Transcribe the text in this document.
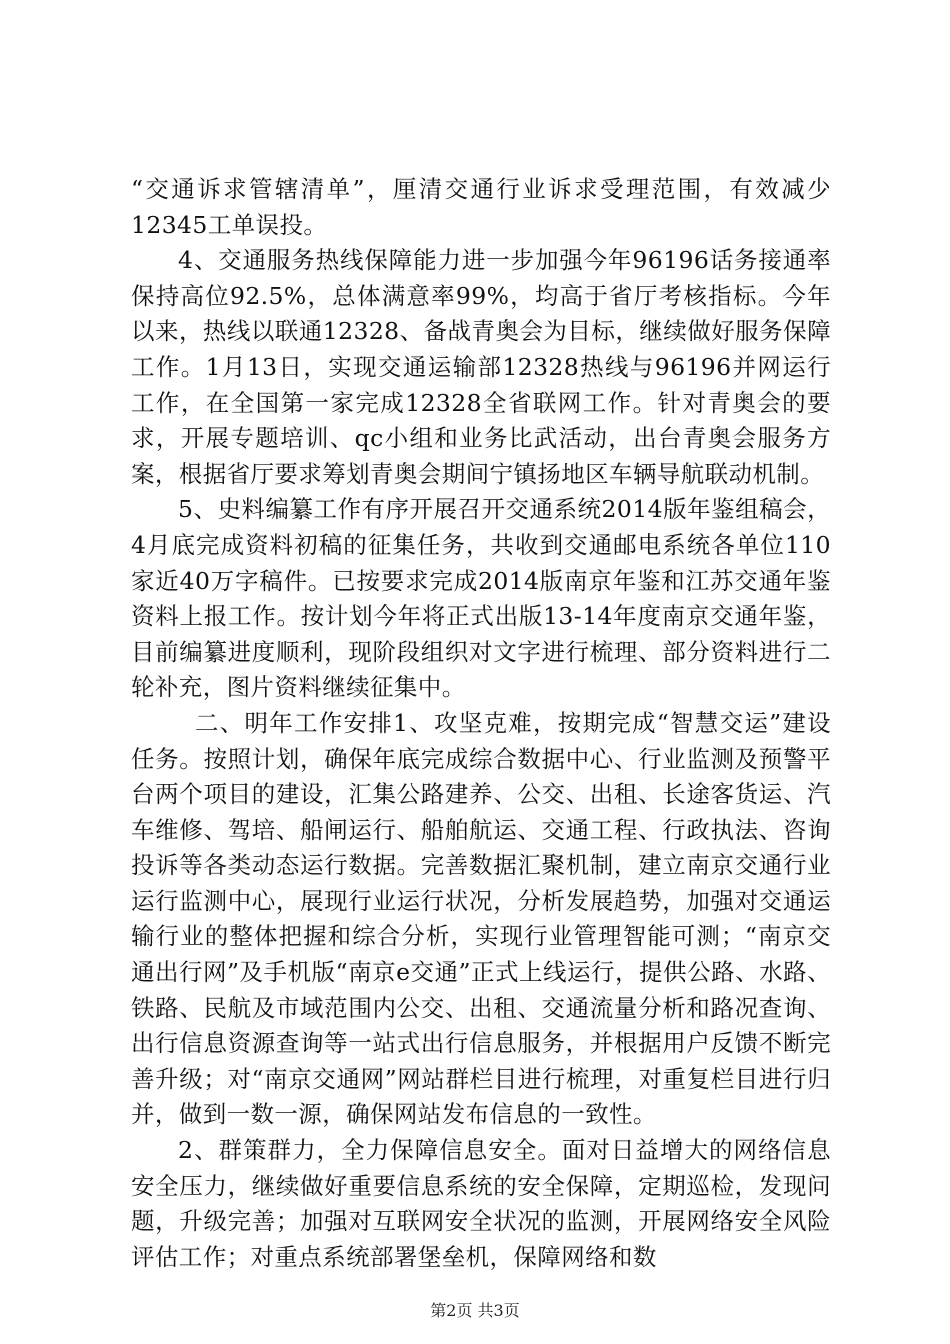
“交通诉求管辖清单”，厘清交通行业诉求受理范围，有效减少12345工单误投。

4、交通服务热线保障能力进一步加强今年96196话务接通率保持高位92.5%，总体满意率99%，均高于省厅考核指标。今年以来，热线以联通12328、备战青奥会为目标，继续做好服务保障工作。1月13日，实现交通运输部12328热线与96196并网运行工作，在全国第一家完成12328全省联网工作。针对青奥会的要求，开展专题培训、qc小组和业务比武活动，出台青奥会服务方案，根据省厅要求筹划青奥会期间宁镇扬地区车辆导航联动机制。

5、史料编纂工作有序开展召开交通系统2014版年鉴组稿会，4月底完成资料初稿的征集任务，共收到交通邮电系统各单位110家近40万字稿件。已按要求完成2014版南京年鉴和江苏交通年鉴资料上报工作。按计划今年将正式出版13-14年度南京交通年鉴，目前编纂进度顺利，现阶段组织对文字进行梳理、部分资料进行二轮补充，图片资料继续征集中。

二、明年工作安排1、攻坚克难，按期完成“智慧交运”建设任务。按照计划，确保年底完成综合数据中心、行业监测及预警平台两个项目的建设，汇集公路建养、公交、出租、长途客货运、汽车维修、驾培、船闸运行、船舶航运、交通工程、行政执法、咨询投诉等各类动态运行数据。完善数据汇聚机制，建立南京交通行业运行监测中心，展现行业运行状况，分析发展趋势，加强对交通运输行业的整体把握和综合分析，实现行业管理智能可测；“南京交通出行网”及手机版“南京e交通”正式上线运行，提供公路、水路、铁路、民航及市域范围内公交、出租、交通流量分析和路况查询、出行信息资源查询等一站式出行信息服务，并根据用户反馈不断完善升级；对“南京交通网”网站群栏目进行梳理，对重复栏目进行归并，做到一数一源，确保网站发布信息的一致性。

2、群策群力，全力保障信息安全。面对日益增大的网络信息安全压力，继续做好重要信息系统的安全保障，定期巡检，发现问题，升级完善；加强对互联网安全状况的监测，开展网络安全风险评估工作；对重点系统部署堡垒机，保障网络和数

第2页 共3页
